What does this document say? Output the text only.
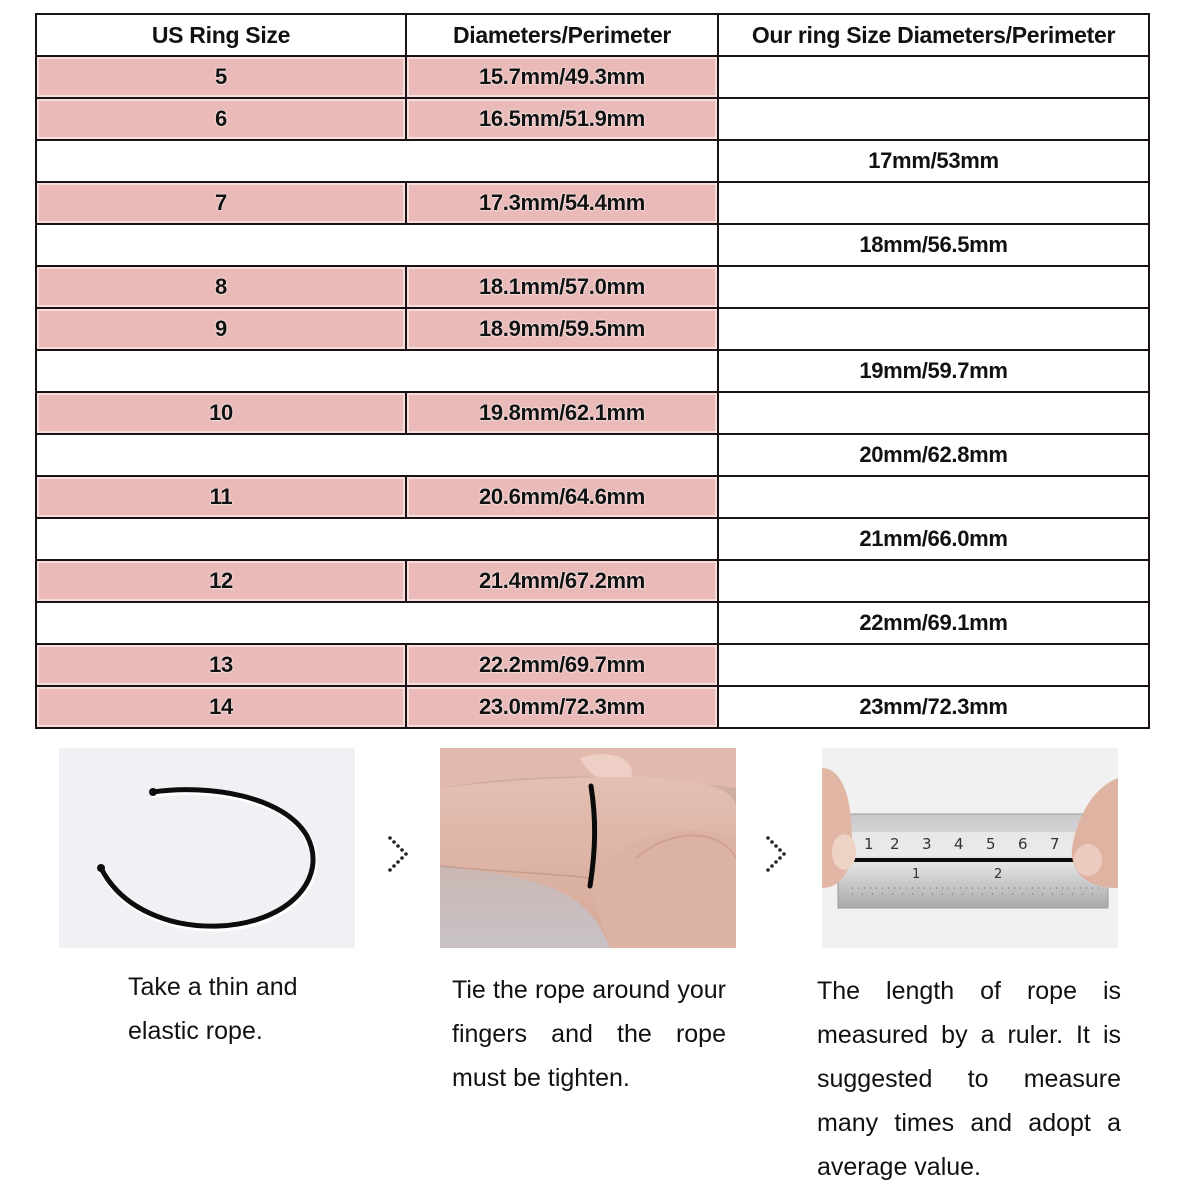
US Ring Size	Diameters/Perimeter	Our ring Size Diameters/Perimeter
5	15.7mm/49.3mm	
6	16.5mm/51.9mm	
		17mm/53mm
7	17.3mm/54.4mm	
		18mm/56.5mm
8	18.1mm/57.0mm	
9	18.9mm/59.5mm	
		19mm/59.7mm
10	19.8mm/62.1mm	
		20mm/62.8mm
11	20.6mm/64.6mm	
		21mm/66.0mm
12	21.4mm/67.2mm	
		22mm/69.1mm
13	22.2mm/69.7mm	
14	23.0mm/72.3mm	23mm/72.3mm
1 2 3 4 5 6 7
1	2

Take a thin and elastic rope.

Tie the rope around your fingers and the rope must be tighten.

The length of rope is measured by a ruler. It is suggested to measure many times and adopt a average value.
